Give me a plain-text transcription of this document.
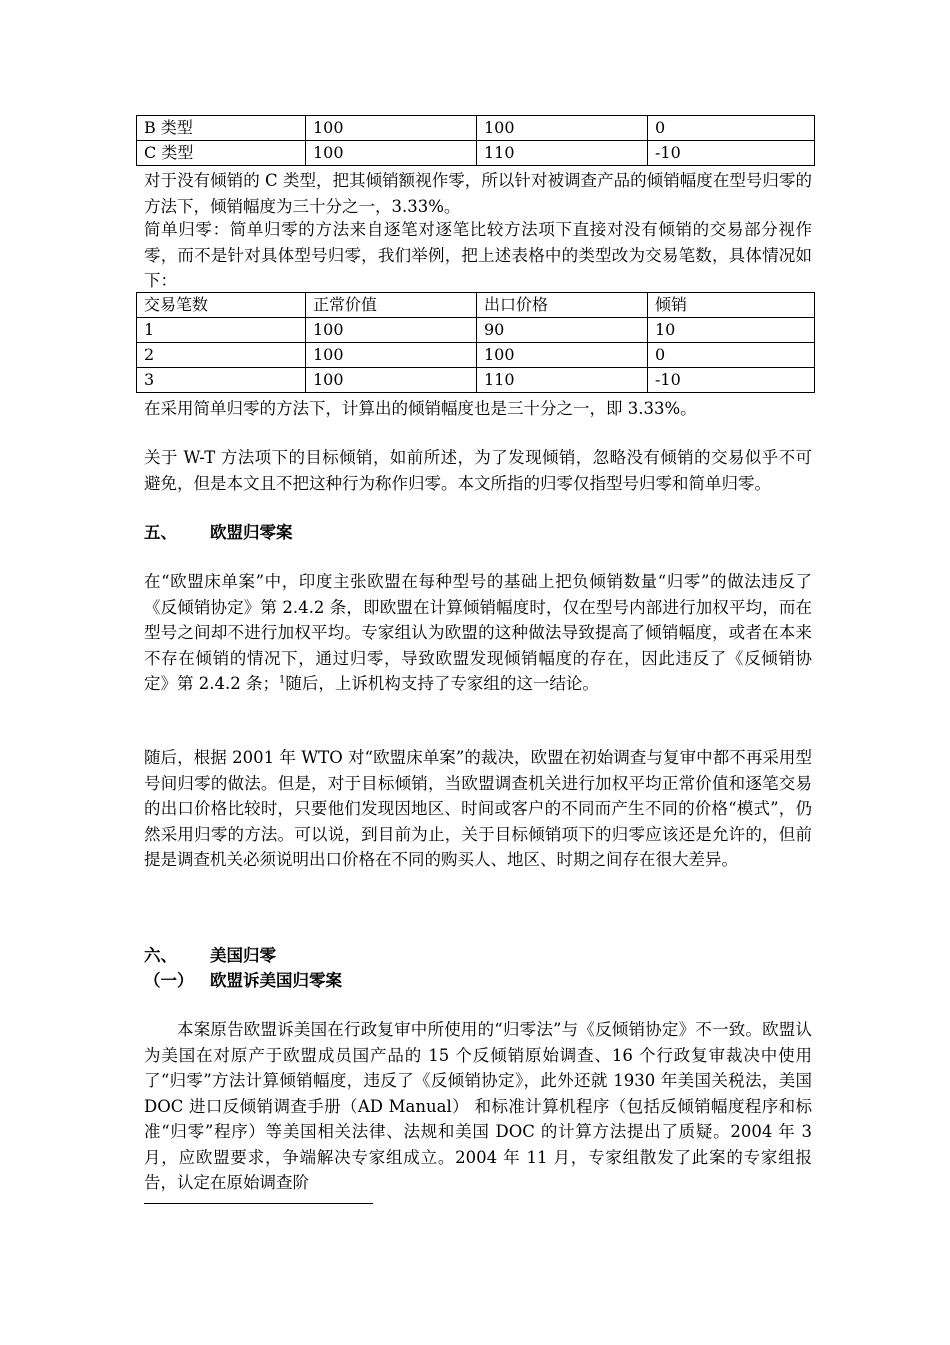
B 类型	100	100	0
C 类型	100	110	-10

对于没有倾销的 C 类型，把其倾销额视作零，所以针对被调查产品的倾销幅度在型号归零的方法下，倾销幅度为三十分之一，3.33%。

简单归零：简单归零的方法来自逐笔对逐笔比较方法项下直接对没有倾销的交易部分视作零，而不是针对具体型号归零，我们举例，把上述表格中的类型改为交易笔数，具体情况如下：

交易笔数	正常价值	出口价格	倾销
1	100	90	10
2	100	100	0
3	100	110	-10

在采用简单归零的方法下，计算出的倾销幅度也是三十分之一，即 3.33%。

关于 W-T 方法项下的目标倾销，如前所述，为了发现倾销，忽略没有倾销的交易似乎不可避免，但是本文且不把这种行为称作归零。本文所指的归零仅指型号归零和简单归零。

五、 欧盟归零案

在“欧盟床单案”中，印度主张欧盟在每种型号的基础上把负倾销数量“归零”的做法违反了《反倾销协定》第 2.4.2 条，即欧盟在计算倾销幅度时，仅在型号内部进行加权平均，而在型号之间却不进行加权平均。专家组认为欧盟的这种做法导致提高了倾销幅度，或者在本来不存在倾销的情况下，通过归零，导致欧盟发现倾销幅度的存在，因此违反了《反倾销协定》第 2.4.2 条；$^1$随后，上诉机构支持了专家组的这一结论。

随后，根据 2001 年 WTO 对“欧盟床单案”的裁决，欧盟在初始调查与复审中都不再采用型号间归零的做法。但是，对于目标倾销，当欧盟调查机关进行加权平均正常价值和逐笔交易的出口价格比较时，只要他们发现因地区、时间或客户的不同而产生不同的价格“模式”，仍然采用归零的方法。可以说，到目前为止，关于目标倾销项下的归零应该还是允许的，但前提是调查机关必须说明出口价格在不同的购买人、地区、时期之间存在很大差异。

六、 美国归零
（一） 欧盟诉美国归零案

本案原告欧盟诉美国在行政复审中所使用的“归零法”与《反倾销协定》不一致。欧盟认为美国在对原产于欧盟成员国产品的 15 个反倾销原始调查、16 个行政复审裁决中使用了“归零”方法计算倾销幅度，违反了《反倾销协定》，此外还就 1930 年美国关税法，美国 DOC 进口反倾销调查手册（AD Manual） 和标准计算机程序（包括反倾销幅度程序和标准“归零”程序）等美国相关法律、法规和美国 DOC 的计算方法提出了质疑。2004 年 3 月，应欧盟要求，争端解决专家组成立。2004 年 11 月，专家组散发了此案的专家组报告，认定在原始调查阶
